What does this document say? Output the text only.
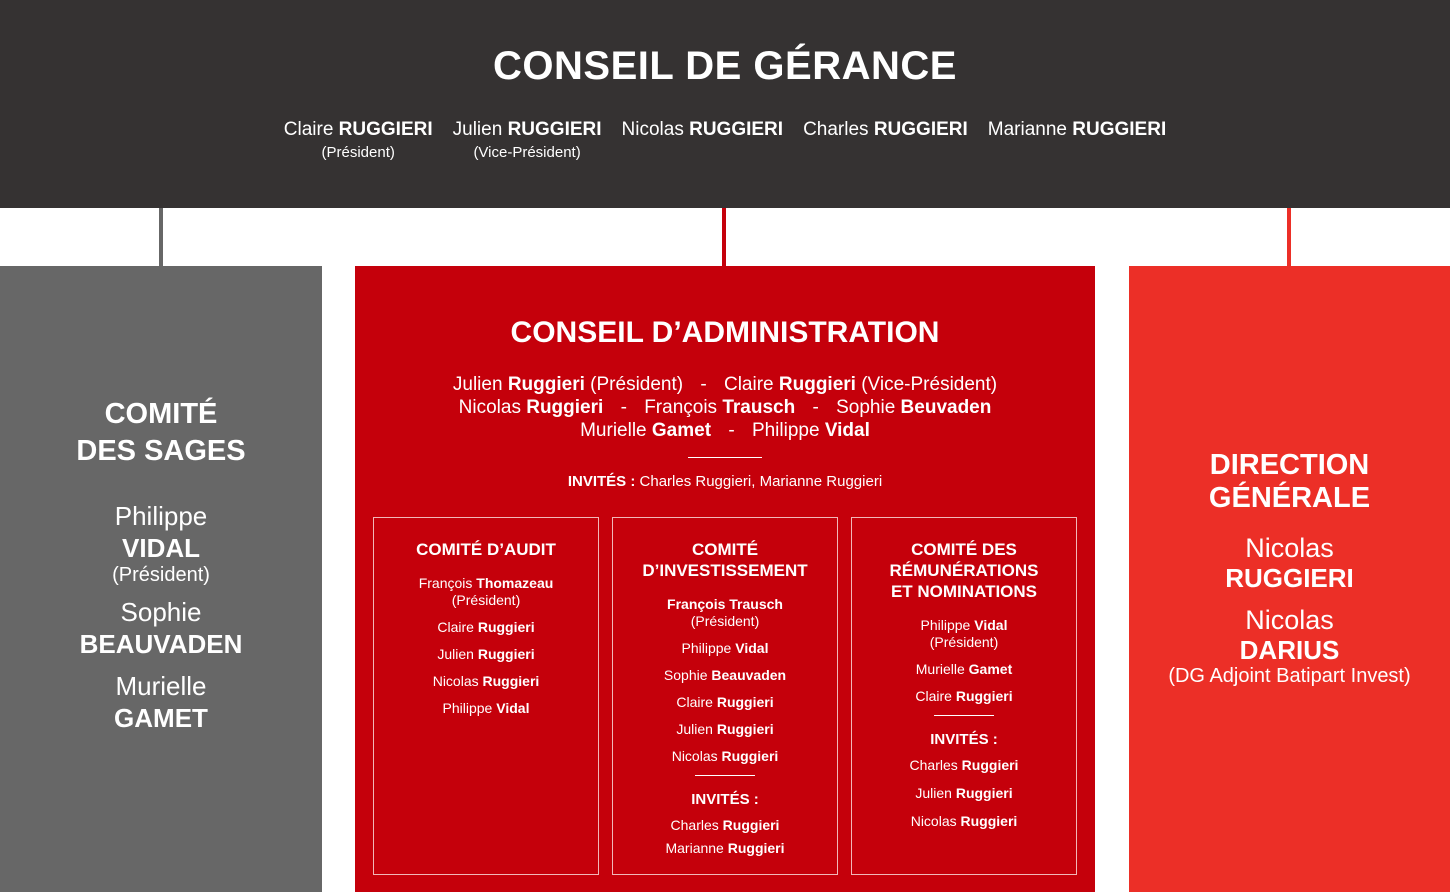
CONSEIL DE GÉRANCE
Claire RUGGIERI
(Président)
Julien RUGGIERI
(Vice-Président)
Nicolas RUGGIERI Charles RUGGIERI Marianne RUGGIERI
COMITÉ
DES SAGES
Philippe
VIDAL
(Président)
Sophie
BEAUVADEN
Murielle
GAMET
CONSEIL D’ADMINISTRATION
Julien Ruggieri (Président) - Claire Ruggieri (Vice-Président)
Nicolas Ruggieri - François Trausch - Sophie Beuvaden
Murielle Gamet - Philippe Vidal
INVITÉS : Charles Ruggieri, Marianne Ruggieri
COMITÉ D’AUDIT
François Thomazeau
(Président)
Claire Ruggieri
Julien Ruggieri
Nicolas Ruggieri
Philippe Vidal
COMITÉ
D’INVESTISSEMENT
François Trausch
(Président)
Philippe Vidal
Sophie Beauvaden
Claire Ruggieri
Julien Ruggieri
Nicolas Ruggieri
INVITÉS :
Charles Ruggieri
Marianne Ruggieri
COMITÉ DES
RÉMUNÉRATIONS
ET NOMINATIONS
Philippe Vidal
(Président)
Murielle Gamet
Claire Ruggieri
INVITÉS :
Charles Ruggieri
Julien Ruggieri
Nicolas Ruggieri
DIRECTION
GÉNÉRALE
Nicolas
RUGGIERI
Nicolas
DARIUS
(DG Adjoint Batipart Invest)
